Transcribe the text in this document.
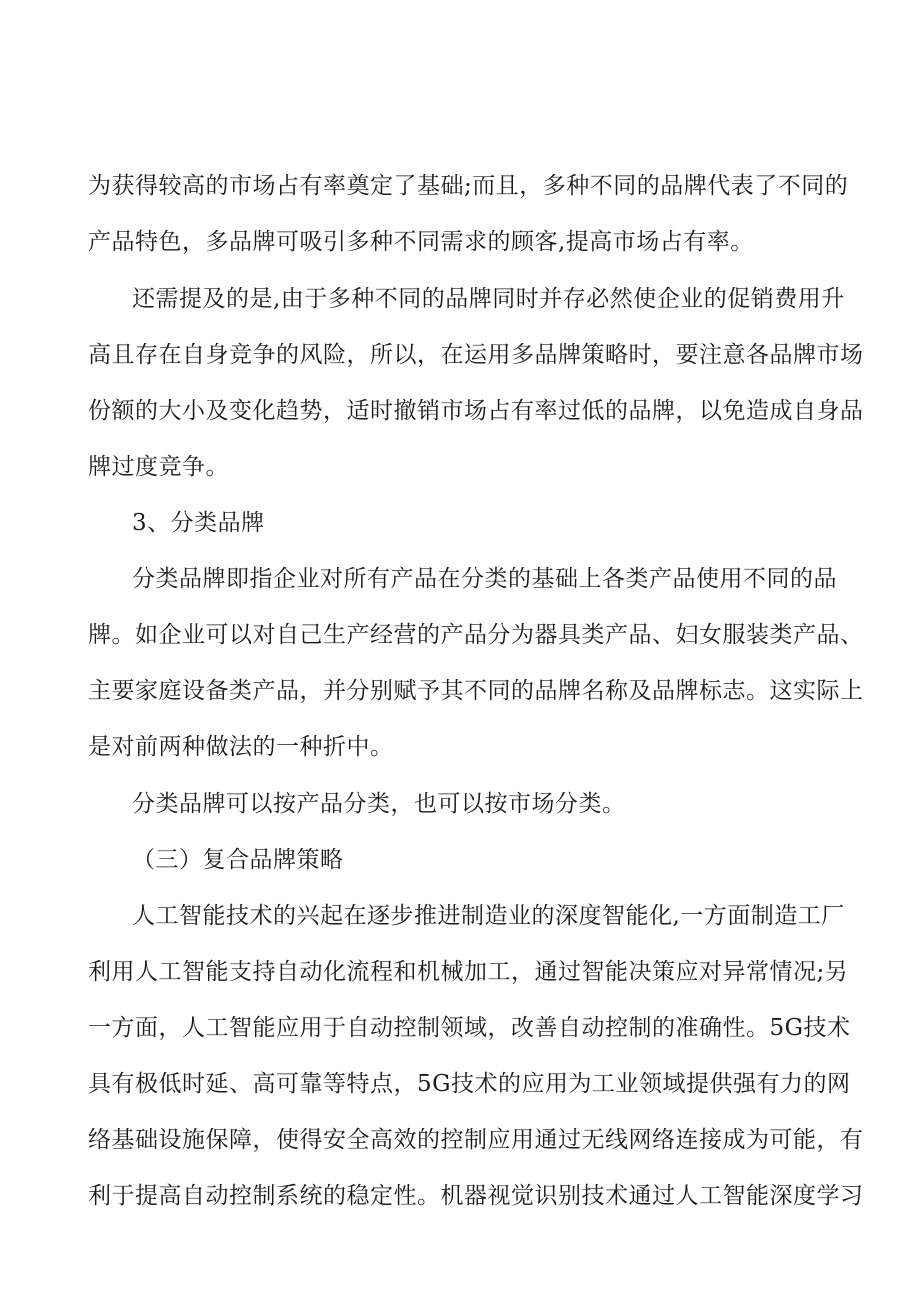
为获得较高的市场占有率奠定了基础;而且，多种不同的品牌代表了不同的
产品特色，多品牌可吸引多种不同需求的顾客,提高市场占有率。
还需提及的是,由于多种不同的品牌同时并存必然使企业的促销费用升
高且存在自身竞争的风险，所以，在运用多品牌策略时，要注意各品牌市场
份额的大小及变化趋势，适时撤销市场占有率过低的品牌，以免造成自身品
牌过度竞争。
3、分类品牌
分类品牌即指企业对所有产品在分类的基础上各类产品使用不同的品
牌。如企业可以对自己生产经营的产品分为器具类产品、妇女服装类产品、
主要家庭设备类产品，并分别赋予其不同的品牌名称及品牌标志。这实际上
是对前两种做法的一种折中。
分类品牌可以按产品分类，也可以按市场分类。
（三）复合品牌策略
人工智能技术的兴起在逐步推进制造业的深度智能化,一方面制造工厂
利用人工智能支持自动化流程和机械加工，通过智能决策应对异常情况;另
一方面，人工智能应用于自动控制领域，改善自动控制的准确性。5G技术
具有极低时延、高可靠等特点，5G技术的应用为工业领域提供强有力的网
络基础设施保障，使得安全高效的控制应用通过无线网络连接成为可能，有
利于提高自动控制系统的稳定性。机器视觉识别技术通过人工智能深度学习
